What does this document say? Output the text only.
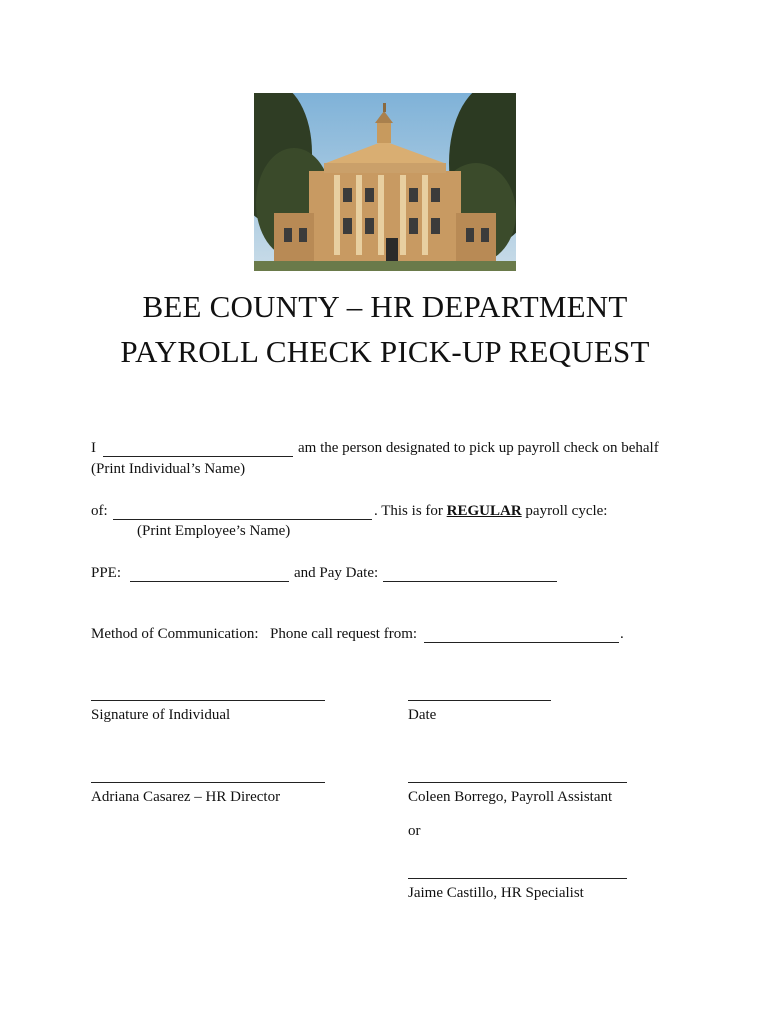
BEE COUNTY – HR DEPARTMENT
PAYROLL CHECK PICK-UP REQUEST
I	am the person designated to pick up payroll check on behalf
(Print Individual’s Name)
of:	. This is for REGULAR payroll cycle:
(Print Employee’s Name)
PPE:	and Pay Date:
Method of Communication: Phone call request from:	.
Signature of Individual	Date
Adriana Casarez – HR Director	Coleen Borrego, Payroll Assistant
or
Jaime Castillo, HR Specialist
